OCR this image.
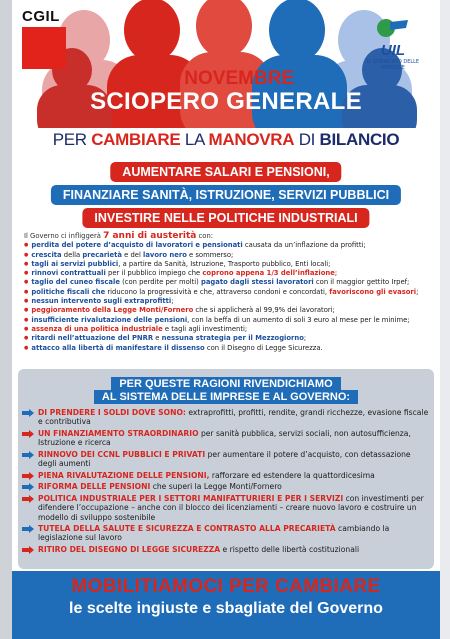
CGIL
UIL
IL SINDACATO DELLE PERSONE
29 NOVEMBRE
SCIOPERO GENERALE
PER CAMBIARE LA MANOVRA DI BILANCIO
AUMENTARE SALARI E PENSIONI,
FINANZIARE SANITÀ, ISTRUZIONE, SERVIZI PUBBLICI
INVESTIRE NELLE POLITICHE INDUSTRIALI
Il Governo ci infliggerà 7 anni di austerità con:
● perdita del potere d’acquisto di lavoratori e pensionati causata da un’inflazione da profitti;
● crescita della precarietà e del lavoro nero e sommerso;
● tagli ai servizi pubblici, a partire da Sanità, Istruzione, Trasporto pubblico, Enti locali;
● rinnovi contrattuali per il pubblico impiego che coprono appena 1/3 dell’inflazione;
● taglio del cuneo fiscale (con perdite per molti) pagato dagli stessi lavoratori con il maggior gettito Irpef;
● politiche fiscali che riducono la progressività e che, attraverso condoni e concordati, favoriscono gli evasori;
● nessun intervento sugli extraprofitti;
● peggioramento della Legge Monti/Fornero che si applicherà al 99,9% dei lavoratori;
● insufficiente rivalutazione delle pensioni, con la beffa di un aumento di soli 3 euro al mese per le minime;
● assenza di una politica industriale e tagli agli investimenti;
● ritardi nell’attuazione del PNRR e nessuna strategia per il Mezzogiorno;
● attacco alla libertà di manifestare il dissenso con il Disegno di Legge Sicurezza.
PER QUESTE RAGIONI RIVENDICHIAMO
AL SISTEMA DELLE IMPRESE E AL GOVERNO:
DI PRENDERE I SOLDI DOVE SONO: extraprofitti, profitti, rendite, grandi ricchezze, evasione fiscale e contributiva
UN FINANZIAMENTO STRAORDINARIO per sanità pubblica, servizi sociali, non autosufficienza, Istruzione e ricerca
RINNOVO DEI CCNL PUBBLICI E PRIVATI per aumentare il potere d’acquisto, con detassazione degli aumenti
PIENA RIVALUTAZIONE DELLE PENSIONI, rafforzare ed estendere la quattordicesima
RIFORMA DELLE PENSIONI che superi la Legge Monti/Fornero
POLITICA INDUSTRIALE PER I SETTORI MANIFATTURIERI E PER I SERVIZI con investimenti per difendere l’occupazione – anche con il blocco dei licenziamenti – creare nuovo lavoro e costruire un modello di sviluppo sostenibile
TUTELA DELLA SALUTE E SICUREZZA E CONTRASTO ALLA PRECARIETÀ cambiando la legislazione sul lavoro
RITIRO DEL DISEGNO DI LEGGE SICUREZZA e rispetto delle libertà costituzionali
MOBILITIAMOCI PER CAMBIARE
le scelte ingiuste e sbagliate del Governo
